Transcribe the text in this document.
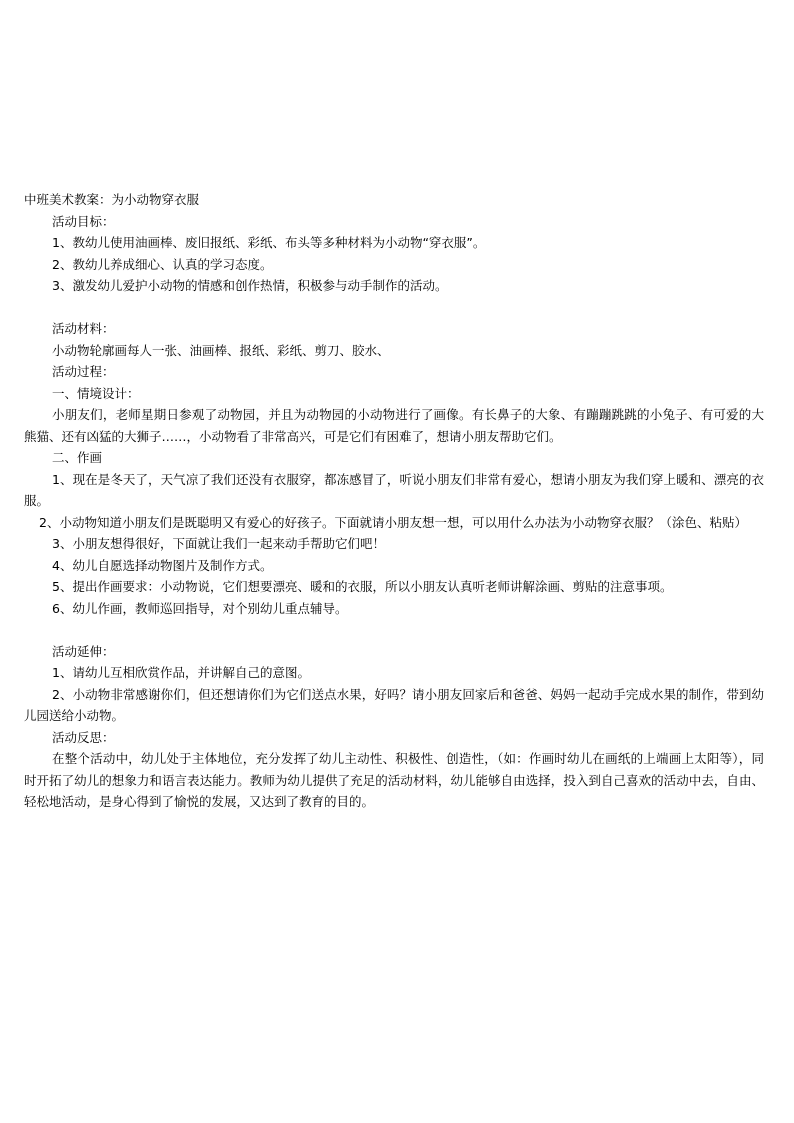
中班美术教案：为小动物穿衣服
活动目标：
1、教幼儿使用油画棒、废旧报纸、彩纸、布头等多种材料为小动物“穿衣服”。
2、教幼儿养成细心、认真的学习态度。
3、激发幼儿爱护小动物的情感和创作热情，积极参与动手制作的活动。
活动材料：
小动物轮廓画每人一张、油画棒、报纸、彩纸、剪刀、胶水、
活动过程：
一、情境设计：
小朋友们，老师星期日参观了动物园，并且为动物园的小动物进行了画像。有长鼻子的大象、有蹦蹦跳跳的小兔子、有可爱的大熊猫、还有凶猛的大狮子……，小动物看了非常高兴，可是它们有困难了，想请小朋友帮助它们。
二、作画
1、现在是冬天了，天气凉了我们还没有衣服穿，都冻感冒了，听说小朋友们非常有爱心，想请小朋友为我们穿上暖和、漂亮的衣服。
2、小动物知道小朋友们是既聪明又有爱心的好孩子。下面就请小朋友想一想，可以用什么办法为小动物穿衣服？（涂色、粘贴）
3、小朋友想得很好，下面就让我们一起来动手帮助它们吧！
4、幼儿自愿选择动物图片及制作方式。
5、提出作画要求：小动物说，它们想要漂亮、暖和的衣服，所以小朋友认真听老师讲解涂画、剪贴的注意事项。
6、幼儿作画，教师巡回指导，对个别幼儿重点辅导。
活动延伸：
1、请幼儿互相欣赏作品，并讲解自己的意图。
2、小动物非常感谢你们，但还想请你们为它们送点水果，好吗？请小朋友回家后和爸爸、妈妈一起动手完成水果的制作，带到幼儿园送给小动物。
活动反思：
在整个活动中，幼儿处于主体地位，充分发挥了幼儿主动性、积极性、创造性，（如：作画时幼儿在画纸的上端画上太阳等），同时开拓了幼儿的想象力和语言表达能力。教师为幼儿提供了充足的活动材料，幼儿能够自由选择，投入到自己喜欢的活动中去，自由、轻松地活动，是身心得到了愉悦的发展，又达到了教育的目的。
